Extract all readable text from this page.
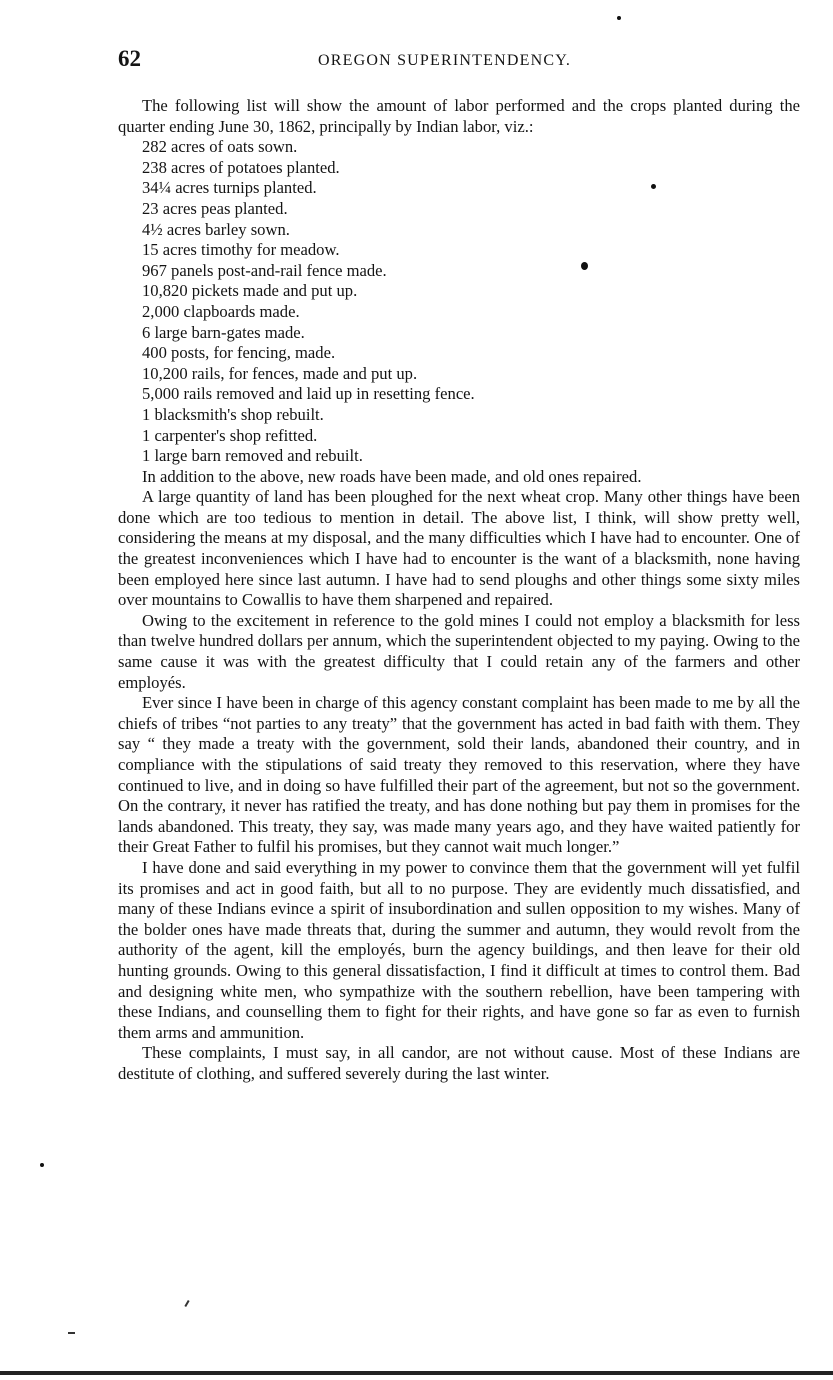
62	OREGON SUPERINTENDENCY.

The following list will show the amount of labor performed and the crops planted during the quarter ending June 30, 1862, principally by Indian labor, viz.:

282 acres of oats sown.
238 acres of potatoes planted.
34¼ acres turnips planted.
23 acres peas planted.
4½ acres barley sown.
15 acres timothy for meadow.
967 panels post-and-rail fence made.
10,820 pickets made and put up.
2,000 clapboards made.
6 large barn-gates made.
400 posts, for fencing, made.
10,200 rails, for fences, made and put up.
5,000 rails removed and laid up in resetting fence.
1 blacksmith's shop rebuilt.
1 carpenter's shop refitted.
1 large barn removed and rebuilt.

In addition to the above, new roads have been made, and old ones repaired.

A large quantity of land has been ploughed for the next wheat crop. Many other things have been done which are too tedious to mention in detail. The above list, I think, will show pretty well, considering the means at my disposal, and the many difficulties which I have had to encounter. One of the greatest inconveniences which I have had to encounter is the want of a blacksmith, none having been employed here since last autumn. I have had to send ploughs and other things some sixty miles over mountains to Cowallis to have them sharpened and repaired.

Owing to the excitement in reference to the gold mines I could not employ a blacksmith for less than twelve hundred dollars per annum, which the superintendent objected to my paying. Owing to the same cause it was with the greatest difficulty that I could retain any of the farmers and other employés.

Ever since I have been in charge of this agency constant complaint has been made to me by all the chiefs of tribes “not parties to any treaty” that the government has acted in bad faith with them. They say “ they made a treaty with the government, sold their lands, abandoned their country, and in compliance with the stipulations of said treaty they removed to this reservation, where they have continued to live, and in doing so have fulfilled their part of the agreement, but not so the government. On the contrary, it never has ratified the treaty, and has done nothing but pay them in promises for the lands abandoned. This treaty, they say, was made many years ago, and they have waited patiently for their Great Father to fulfil his promises, but they cannot wait much longer.”

I have done and said everything in my power to convince them that the government will yet fulfil its promises and act in good faith, but all to no purpose. They are evidently much dissatisfied, and many of these Indians evince a spirit of insubordination and sullen opposition to my wishes. Many of the bolder ones have made threats that, during the summer and autumn, they would revolt from the authority of the agent, kill the employés, burn the agency buildings, and then leave for their old hunting grounds. Owing to this general dissatisfaction, I find it difficult at times to control them. Bad and designing white men, who sympathize with the southern rebellion, have been tampering with these Indians, and counselling them to fight for their rights, and have gone so far as even to furnish them arms and ammunition.

These complaints, I must say, in all candor, are not without cause. Most of these Indians are destitute of clothing, and suffered severely during the last winter.
